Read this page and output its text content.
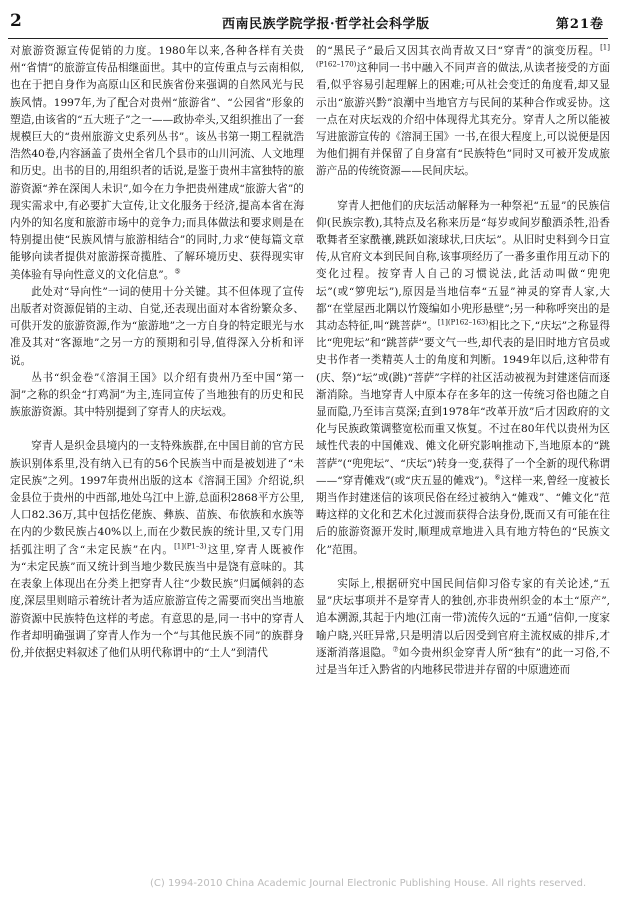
2	西南民族学院学报·哲学社会科学版	第21卷

对旅游资源宣传促销的力度。1980年以来,各种各样有关贵州“省情”的旅游宣传品相继面世。其中的宣传重点与云南相似,也在于把自身作为高原山区和民族省份来强调的自然风光与民族风情。1997年,为了配合对贵州“旅游省”、“公园省”形象的塑造,由该省的“五大班子”之一——政协牵头,又组织推出了一套规模巨大的“贵州旅游文史系列丛书”。该丛书第一期工程就浩浩然40卷,内容涵盖了贵州全省几个县市的山川河流、人文地理和历史。出书的目的,用组织者的话说,是鉴于贵州丰富独特的旅游资源“养在深闺人未识”,如今在力争把贵州建成“旅游大省”的现实需求中,有必要扩大宣传,让文化服务于经济,提高本省在海内外的知名度和旅游市场中的竞争力;而具体做法和要求则是在特别提出使“民族风情与旅游相结合”的同时,力求“使每篇文章能够向读者提供对旅游探奇揽胜、了解环境历史、获得现实审美体验有导向性意义的文化信息”。⑤

此处对“导向性”一词的使用十分关键。其不但体现了宣传出版者对资源促销的主动、自觉,还表现出面对本省纷繁众多、可供开发的旅游资源,作为“旅游地”之一方自身的特定眼光与水准及其对“客源地”之另一方的预期和引导,值得深入分析和评说。

丛书“织金卷”《溶洞王国》以介绍有贵州乃至中国“第一洞”之称的织金“打鸡洞”为主,连同宣传了当地独有的历史和民族旅游资源。其中特别提到了穿青人的庆坛戏。

穿青人是织金县境内的一支特殊族群,在中国目前的官方民族识别体系里,没有纳入已有的56个民族当中而是被划进了“未定民族”之列。1997年贵州出版的这本《溶洞王国》介绍说,织金县位于贵州的中西部,地处乌江中上游,总面积2868平方公里,人口82.36万,其中包括仡佬族、彝族、苗族、布依族和水族等在内的少数民族占40%以上,而在少数民族的统计里,又专门用括弧注明了含“未定民族”在内。$^{[1](P1-3)}$这里,穿青人既被作为“未定民族”而又统计到当地少数民族当中是饶有意味的。其在表象上体现出在分类上把穿青人往“少数民族”归属倾斜的态度,深层里则暗示着统计者为适应旅游宣传之需要而突出当地旅游资源中民族特色这样的考虑。有意思的是,同一书中的穿青人作者却明确强调了穿青人作为一个“与其他民族不同”的族群身份,并依据史料叙述了他们从明代称谓中的“土人”到清代

的“黑民子”最后又因其衣尚青故又曰“穿青”的演变历程。$^{[1](P162-170)}$这种同一书中融入不同声音的做法,从读者接受的方面看,似乎容易引起理解上的困难;可从社会变迁的角度看,却又显示出“旅游兴黔”浪潮中当地官方与民间的某种合作或妥协。这一点在对庆坛戏的介绍中体现得尤其充分。穿青人之所以能被写进旅游宣传的《溶洞王国》一书,在很大程度上,可以说便是因为他们拥有并保留了自身富有“民族特色”同时又可被开发成旅游产品的传统资源——民间庆坛。

穿青人把他们的庆坛活动解释为一种祭祀“五显”的民族信仰(民族宗教),其特点及名称来历是“每岁或间岁酿酒杀牲,沿香歌舞者至家酰禳,跳跃如滚球状,曰庆坛”。从旧时史料到今日宣传,从官府文本到民间自称,该事项经历了一番多重作用互动下的变化过程。按穿青人自己的习惯说法,此活动叫做“兜兜坛”(或“箩兜坛”),原因是当地信奉“五显”神灵的穿青人家,大都“在堂屋西北隅以竹篾编如小兜形悬壁”;另一种称呼突出的是其动态特征,叫“跳菩萨”。$^{[1](P162-163)}$相比之下,“庆坛”之称显得比“兜兜坛”和“跳菩萨”要文气一些,却代表的是旧时地方官员或史书作者一类精英人士的角度和判断。1949年以后,这种带有(庆、祭)“坛”或(跳)“菩萨”字样的社区活动被视为封建迷信而逐渐消除。当地穿青人中原本存在多年的这一传统习俗也随之自显而隐,乃至讳言莫深;直到1978年“改革开放”后才因政府的文化与民族政策调整宽松而重又恢复。不过在80年代以贵州为区域性代表的中国傩戏、傩文化研究影响推动下,当地原本的“跳菩萨”(“兜兜坛”、“庆坛”)转身一变,获得了一个全新的现代称谓——“穿青傩戏”(或“庆五显的傩戏”)。⑥这样一来,曾经一度被长期当作封建迷信的该项民俗在经过被纳入“傩戏”、“傩文化”范畴这样的文化和艺术化过渡而获得合法身份,既而又有可能在往后的旅游资源开发时,顺理成章地进入具有地方特色的“民族文化”范围。

实际上,根据研究中国民间信仰习俗专家的有关论述,“五显”庆坛事项并不是穿青人的独创,亦非贵州织金的本土“原产”,追本溯源,其起于内地(江南一带)流传久远的“五通”信仰,一度家喻户晓,兴旺异常,只是明清以后因受到官府主流权威的排斥,才逐渐消落退隐。⑦如今贵州织金穿青人所“独有”的此一习俗,不过是当年迁入黔省的内地移民带进并存留的中原遗迹而

(C) 1994-2010 China Academic Journal Electronic Publishing House. All rights reserved.
